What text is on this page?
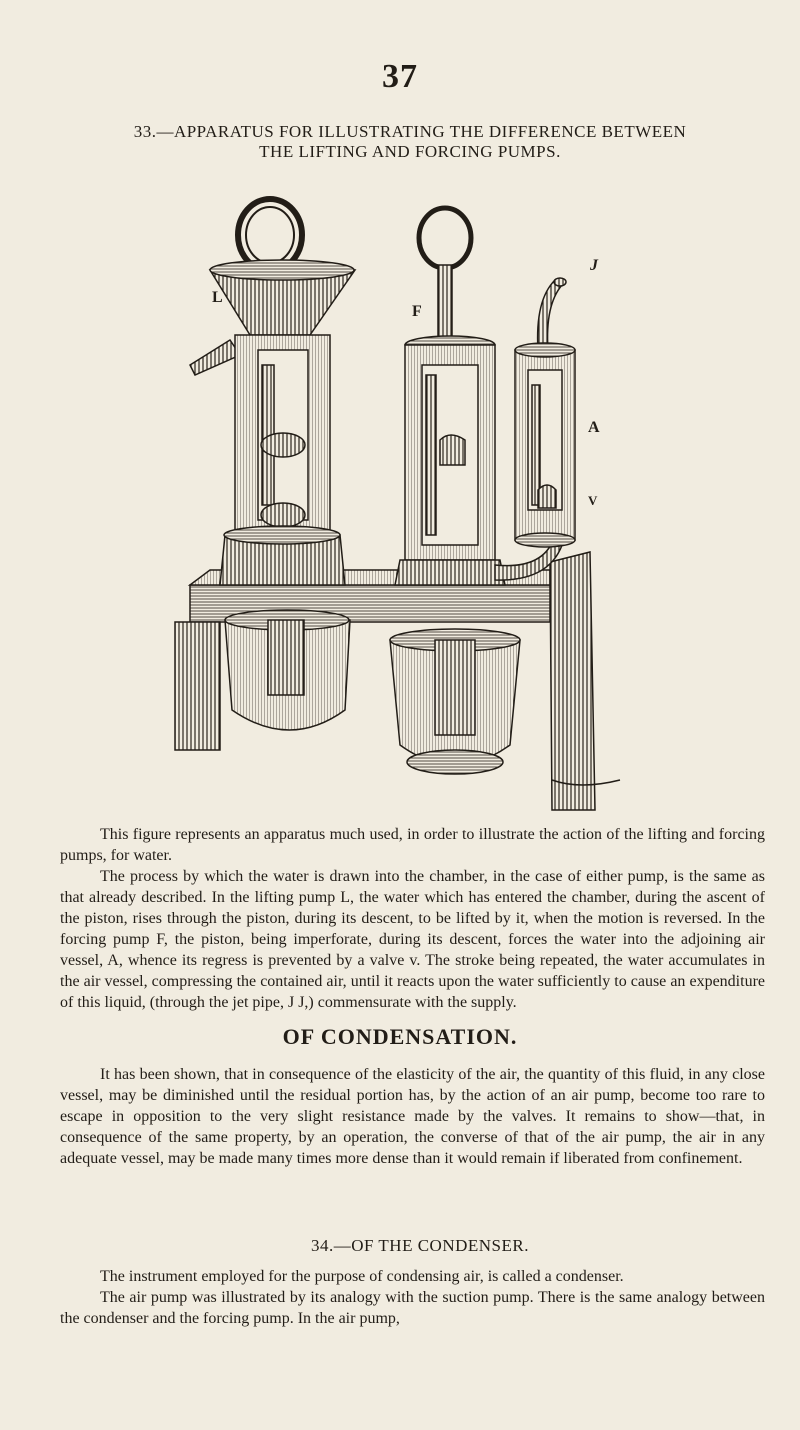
37
33.—APPARATUS FOR ILLUSTRATING THE DIFFERENCE BETWEEN
THE LIFTING AND FORCING PUMPS.
L
F
J
A
V

This figure represents an apparatus much used, in order to illustrate the action of the lifting and forcing pumps, for water.

The process by which the water is drawn into the chamber, in the case of either pump, is the same as that already described. In the lifting pump L, the water which has entered the chamber, during the ascent of the piston, rises through the piston, during its descent, to be lifted by it, when the motion is reversed. In the forcing pump F, the piston, being imperforate, during its descent, forces the water into the adjoining air vessel, A, whence its regress is prevented by a valve v. The stroke being repeated, the water accumulates in the air vessel, compressing the contained air, until it reacts upon the water sufficiently to cause an expenditure of this liquid, (through the jet pipe, J J,) commensurate with the supply.

OF CONDENSATION.

It has been shown, that in consequence of the elasticity of the air, the quantity of this fluid, in any close vessel, may be diminished until the residual portion has, by the action of an air pump, become too rare to escape in opposition to the very slight resistance made by the valves. It remains to show—that, in consequence of the same property, by an operation, the converse of that of the air pump, the air in any adequate vessel, may be made many times more dense than it would remain if liberated from confinement.

34.—OF THE CONDENSER.

The instrument employed for the purpose of condensing air, is called a condenser.

The air pump was illustrated by its analogy with the suction pump. There is the same analogy between the condenser and the forcing pump. In the air pump,
